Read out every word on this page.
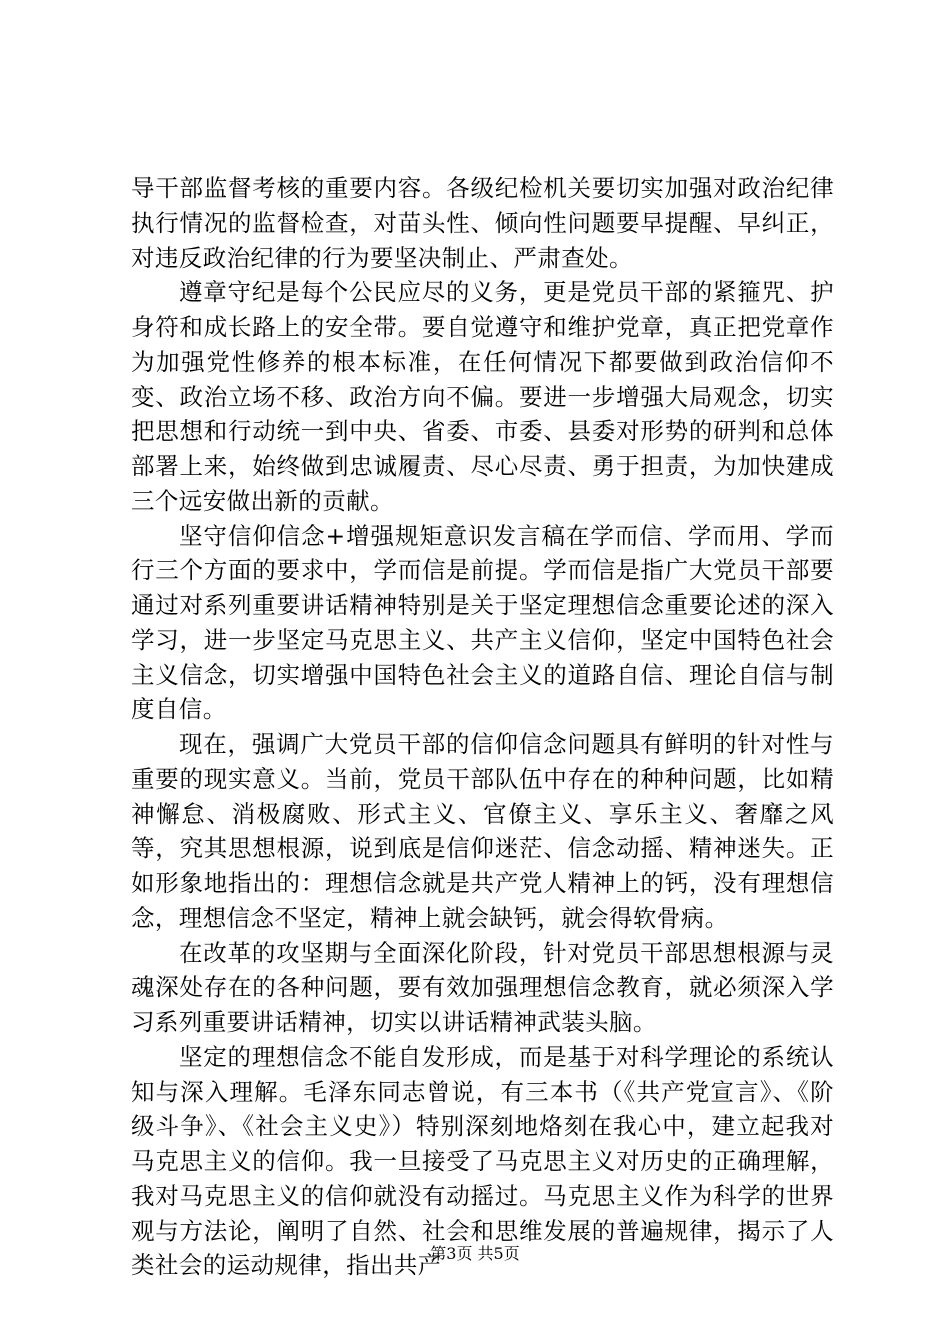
导干部监督考核的重要内容。各级纪检机关要切实加强对政治纪律执行情况的监督检查，对苗头性、倾向性问题要早提醒、早纠正，对违反政治纪律的行为要坚决制止、严肃查处。

遵章守纪是每个公民应尽的义务，更是党员干部的紧箍咒、护身符和成长路上的安全带。要自觉遵守和维护党章，真正把党章作为加强党性修养的根本标准，在任何情况下都要做到政治信仰不变、政治立场不移、政治方向不偏。要进一步增强大局观念，切实把思想和行动统一到中央、省委、市委、县委对形势的研判和总体部署上来，始终做到忠诚履责、尽心尽责、勇于担责，为加快建成三个远安做出新的贡献。

坚守信仰信念+增强规矩意识发言稿在学而信、学而用、学而行三个方面的要求中，学而信是前提。学而信是指广大党员干部要通过对系列重要讲话精神特别是关于坚定理想信念重要论述的深入学习，进一步坚定马克思主义、共产主义信仰，坚定中国特色社会主义信念，切实增强中国特色社会主义的道路自信、理论自信与制度自信。

现在，强调广大党员干部的信仰信念问题具有鲜明的针对性与重要的现实意义。当前，党员干部队伍中存在的种种问题，比如精神懈怠、消极腐败、形式主义、官僚主义、享乐主义、奢靡之风等，究其思想根源，说到底是信仰迷茫、信念动摇、精神迷失。正如形象地指出的：理想信念就是共产党人精神上的钙，没有理想信念，理想信念不坚定，精神上就会缺钙，就会得软骨病。

在改革的攻坚期与全面深化阶段，针对党员干部思想根源与灵魂深处存在的各种问题，要有效加强理想信念教育，就必须深入学习系列重要讲话精神，切实以讲话精神武装头脑。

坚定的理想信念不能自发形成，而是基于对科学理论的系统认知与深入理解。毛泽东同志曾说，有三本书（《共产党宣言》、《阶级斗争》、《社会主义史》）特别深刻地烙刻在我心中，建立起我对马克思主义的信仰。我一旦接受了马克思主义对历史的正确理解，我对马克思主义的信仰就没有动摇过。马克思主义作为科学的世界观与方法论，阐明了自然、社会和思维发展的普遍规律，揭示了人类社会的运动规律，指出共产

第3页 共5页
